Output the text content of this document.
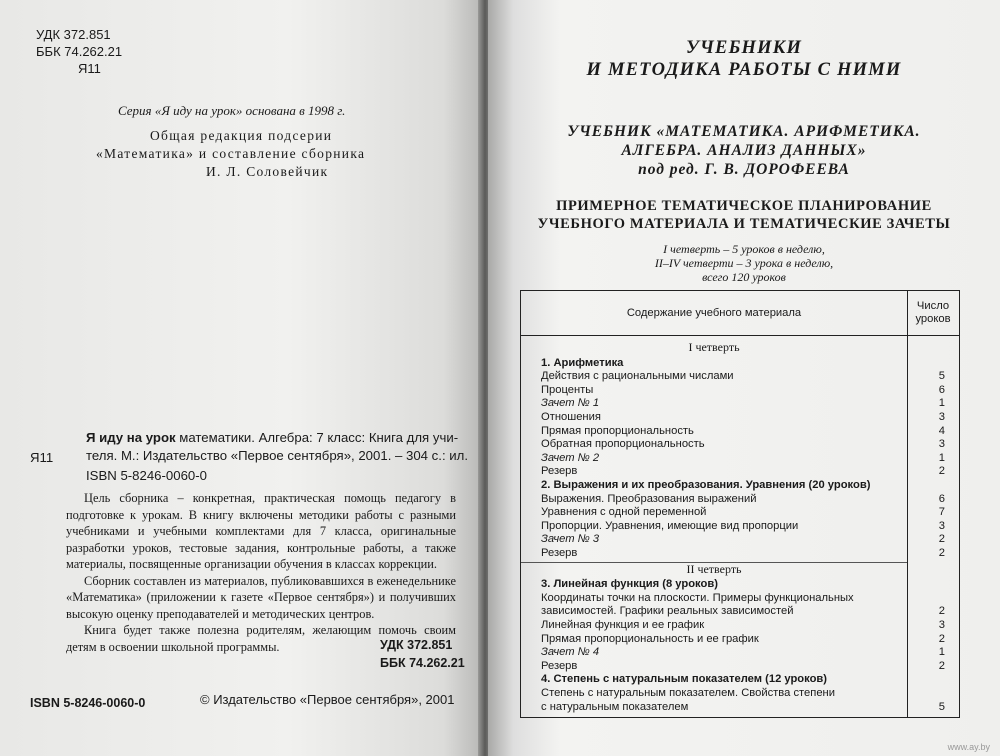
УДК 372.851
ББК 74.262.21
Я11
Серия «Я иду на урок» основана в 1998 г.
Общая редакция подсерии
«Математика» и составление сборника
И. Л. Соловейчик
Я иду на урок математики. Алгебра: 7 класс: Книга для учи-
Я11 теля. М.: Издательство «Первое сентября», 2001. – 304 с.: ил.
ISBN 5-8246-0060-0

Цель сборника – конкретная, практическая помощь педагогу в подготовке к урокам. В книгу включены методики работы с разными учебниками и учебными комплектами для 7 класса, оригинальные разработки уроков, тестовые задания, контрольные работы, а также материалы, посвященные организации обучения в классах коррекции.

Сборник составлен из материалов, публиковавшихся в еженедельнике «Математика» (приложении к газете «Первое сентября») и получивших высокую оценку преподавателей и методических центров.

Книга будет также полезна родителям, желающим помочь своим детям в освоении школьной программы.	УДК 372.851
ББК 74.262.21
ISBN 5-8246-0060-0	© Издательство «Первое сентября», 2001
УЧЕБНИКИ
И МЕТОДИКА РАБОТЫ С НИМИ
УЧЕБНИК «МАТЕМАТИКА. АРИФМЕТИКА.
АЛГЕБРА. АНАЛИЗ ДАННЫХ»
под ред. Г. В. ДОРОФЕЕВА
ПРИМЕРНОЕ ТЕМАТИЧЕСКОЕ ПЛАНИРОВАНИЕ
УЧЕБНОГО МАТЕРИАЛА И ТЕМАТИЧЕСКИЕ ЗАЧЕТЫ
I четверть – 5 уроков в неделю,
II–IV четверти – 3 урока в неделю,
всего 120 уроков
Содержание учебного материала
Число
уроков
I четверть
1. Арифметика
Действия с рациональными числами	5
Проценты	6
Зачет № 1	1
Отношения	3
Прямая пропорциональность	4
Обратная пропорциональность	3
Зачет № 2	1
Резерв	2
2. Выражения и их преобразования. Уравнения (20 уроков)
Выражения. Преобразования выражений	6
Уравнения с одной переменной	7
Пропорции. Уравнения, имеющие вид пропорции	3
Зачет № 3	2
Резерв	2
II четверть
3. Линейная функция (8 уроков)
Координаты точки на плоскости. Примеры функциональных
зависимостей. Графики реальных зависимостей	2
Линейная функция и ее график	3
Прямая пропорциональность и ее график	2
Зачет № 4	1
Резерв	2
4. Степень с натуральным показателем (12 уроков)
Степень с натуральным показателем. Свойства степени
с натуральным показателем	5
www.ay.by
